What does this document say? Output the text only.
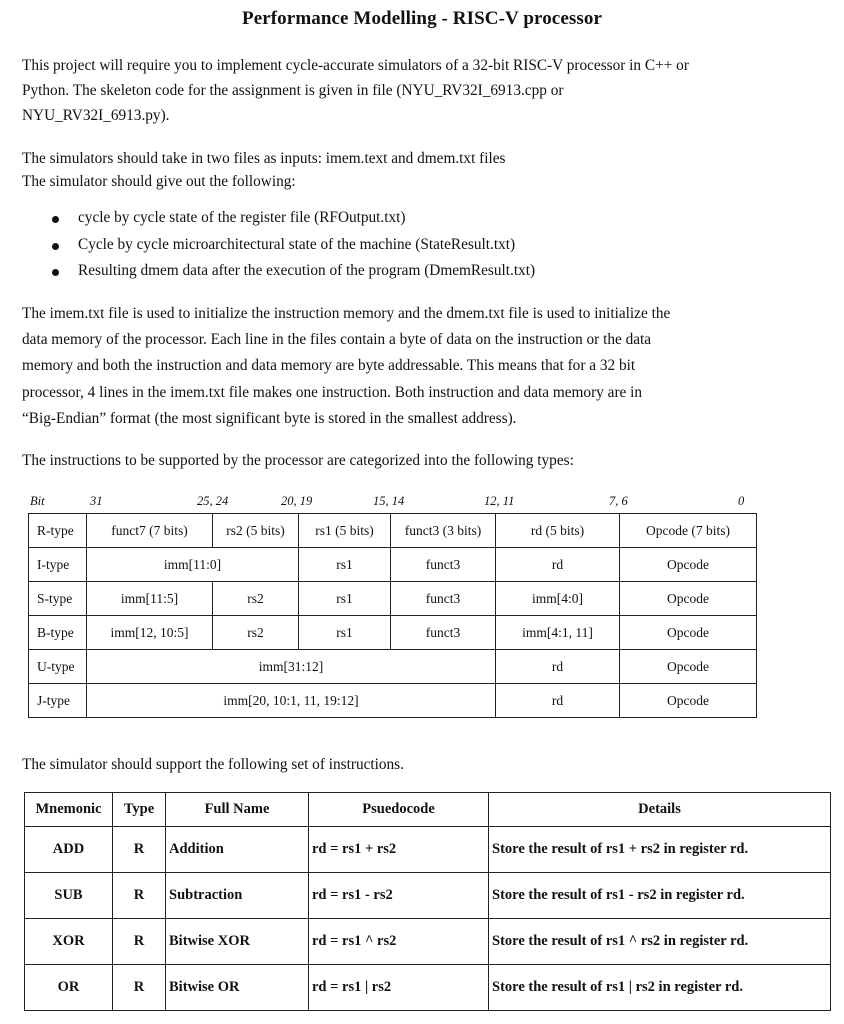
Performance Modelling - RISC-V processor

This project will require you to implement cycle-accurate simulators of a 32-bit RISC-V processor in C++ or

Python. The skeleton code for the assignment is given in file (NYU_RV32I_6913.cpp or

NYU_RV32I_6913.py).

The simulators should take in two files as inputs: imem.text and dmem.txt files

The simulator should give out the following:

cycle by cycle state of the register file (RFOutput.txt)
Cycle by cycle microarchitectural state of the machine (StateResult.txt)
Resulting dmem data after the execution of the program (DmemResult.txt)

The imem.txt file is used to initialize the instruction memory and the dmem.txt file is used to initialize the

data memory of the processor. Each line in the files contain a byte of data on the instruction or the data

memory and both the instruction and data memory are byte addressable. This means that for a 32 bit

processor, 4 lines in the imem.txt file makes one instruction. Both instruction and data memory are in

“Big-Endian” format (the most significant byte is stored in the smallest address).

The instructions to be supported by the processor are categorized into the following types:
Bit	31	25, 24	20, 19	15, 14	12, 11	7, 6	0
R-type	funct7 (7 bits)	rs2 (5 bits)	rs1 (5 bits)	funct3 (3 bits)	rd (5 bits)	Opcode (7 bits)
I-type	imm[11:0]		rs1	funct3	rd	Opcode
S-type	imm[11:5]	rs2	rs1	funct3	imm[4:0]	Opcode
B-type	imm[12, 10:5]	rs2	rs1	funct3	imm[4:1, 11]	Opcode
U-type	imm[31:12]				rd	Opcode
J-type	imm[20, 10:1, 11, 19:12]				rd	Opcode
The simulator should support the following set of instructions.
Mnemonic	Type	Full Name	Psuedocode	Details
ADD	R	Addition	rd = rs1 + rs2	Store the result of rs1 + rs2 in register rd.
SUB	R	Subtraction	rd = rs1 - rs2	Store the result of rs1 - rs2 in register rd.
XOR	R	Bitwise XOR	rd = rs1 ^ rs2	Store the result of rs1 ^ rs2 in register rd.
OR	R	Bitwise OR	rd = rs1 | rs2	Store the result of rs1 | rs2 in register rd.
